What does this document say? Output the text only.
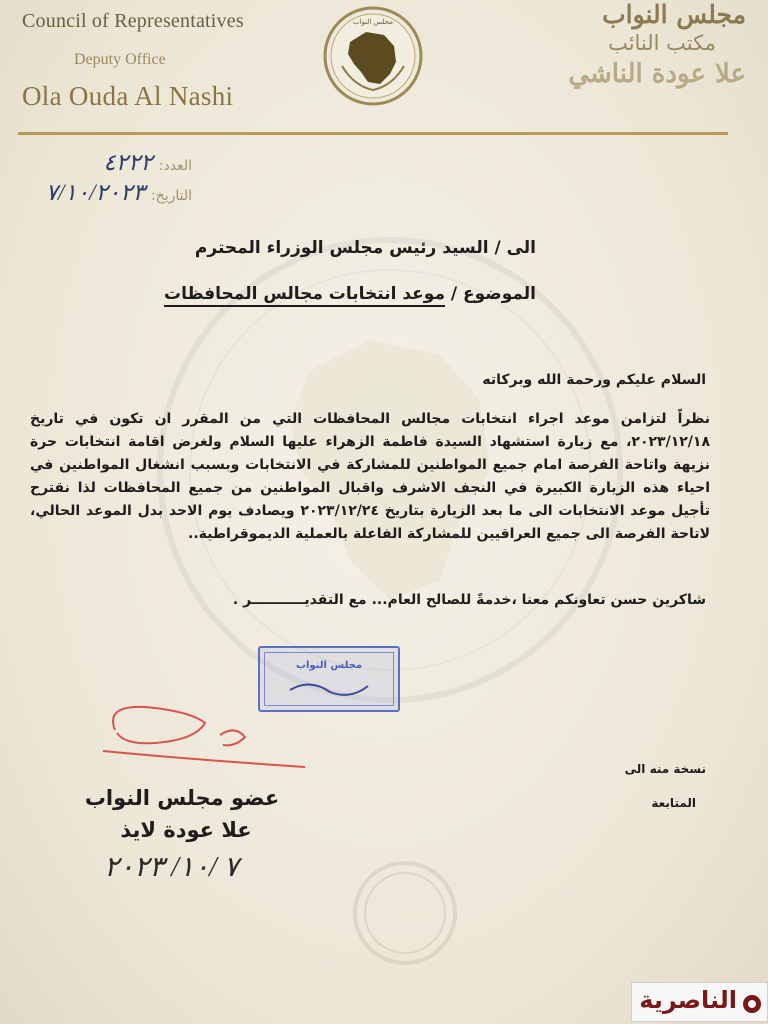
Council of Representatives
Deputy Office
Ola Ouda Al Nashi
مجلس النواب	مجلس النواب
مكتب النائب
علا عودة الناشي
العدد:
٤٢٢٢
التاريخ:
٧/١٠/٢٠٢٣
الى / السيد رئيس مجلس الوزراء المحترم
الموضوع / موعد انتخابات مجالس المحافظات
السلام عليكم ورحمة الله وبركاته
نظراً لتزامن موعد اجراء انتخابات مجالس المحافظات التي من المقرر ان تكون في تاريخ ٢٠٢٣/١٢/١٨، مع زيارة استشهاد السيدة فاطمة الزهراء عليها السلام ولغرض اقامة انتخابات حرة نزيهة واتاحة الفرصة امام جميع المواطنين للمشاركة في الانتخابات وبسبب انشغال المواطنين في احياء هذه الزيارة الكبيرة في النجف الاشرف واقبال المواطنين من جميع المحافظات لذا نقترح تأجيل موعد الانتخابات الى ما بعد الزيارة بتاريخ ٢٠٢٣/١٢/٢٤ ويصادف يوم الاحد بدل الموعد الحالي، لاتاحة الفرصة الى جميع العراقيين للمشاركة الفاعلة بالعملية الديموقراطية..
شاكرين حسن تعاونكم معنا ،خدمةً للصالح العام... مع التقديـــــــــــر .
نسخة منه الى
المتابعة
مجلس النواب
عضو مجلس النواب
علا عودة لايذ
٧ /١٠/ ٢٠٢٣
الناصرية
